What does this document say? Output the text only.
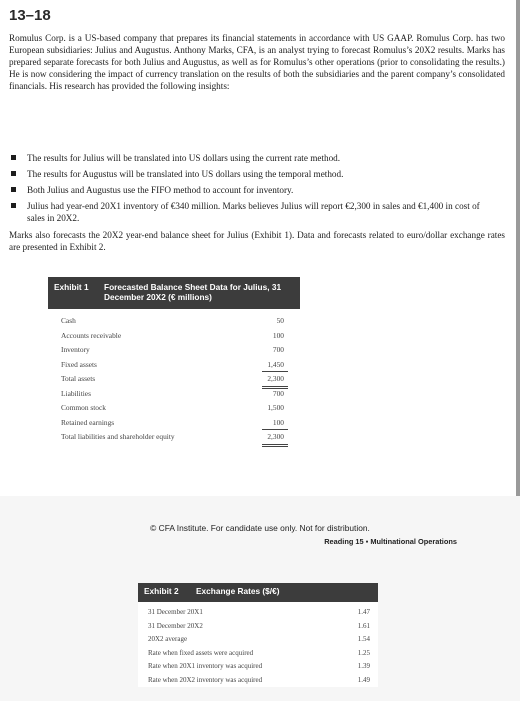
13–18

Romulus Corp. is a US-based company that prepares its financial statements in accordance with US GAAP. Romulus Corp. has two European subsidiaries: Julius and Augustus. Anthony Marks, CFA, is an analyst trying to forecast Romulus’s 20X2 results. Marks has prepared separate forecasts for both Julius and Augustus, as well as for Romulus’s other operations (prior to consolidating the results.) He is now considering the impact of currency translation on the results of both the subsidiaries and the parent company’s consolidated financials. His research has provided the following insights:

The results for Julius will be translated into US dollars using the current rate method.
The results for Augustus will be translated into US dollars using the temporal method.
Both Julius and Augustus use the FIFO method to account for inventory.
Julius had year-end 20X1 inventory of €340 million. Marks believes Julius will report €2,300 in sales and €1,400 in cost of sales in 20X2.

Marks also forecasts the 20X2 year-end balance sheet for Julius (Exhibit 1). Data and forecasts related to euro/dollar exchange rates are presented in Exhibit 2.

Exhibit 1	Forecasted Balance Sheet Data for Julius, 31 December 20X2 (€ millions)
Cash	50
Accounts receivable	100
Inventory	700
Fixed assets	1,450
Total assets	2,300
Liabilities	700
Common stock	1,500
Retained earnings	100
Total liabilities and shareholder equity	2,300
© CFA Institute. For candidate use only. Not for distribution.
Reading 15 ▪ Multinational Operations
Exhibit 2	Exchange Rates ($/€)
31 December 20X1	1.47
31 December 20X2	1.61
20X2 average	1.54
Rate when fixed assets were acquired	1.25
Rate when 20X1 inventory was acquired	1.39
Rate when 20X2 inventory was acquired	1.49
